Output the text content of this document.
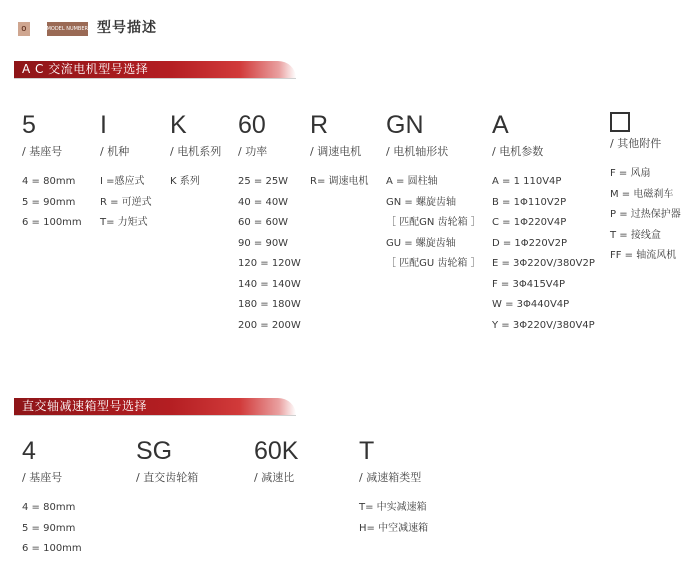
o	MODEL NUMBER 型号描述
A C 交流电机型号选择
5
/ 基座号
4 = 80mm
5 = 90mm
6 = 100mm
I
/ 机种
I =感应式
R = 可逆式
T= 力矩式
K
/ 电机系列
K 系列
60
/ 功率
25 = 25W
40 = 40W
60 = 60W
90 = 90W
120 = 120W
140 = 140W
180 = 180W
200 = 200W
R
/ 调速电机
R= 调速电机
GN
/ 电机轴形状
A = 圆柱轴
GN = 螺旋齿轴
［ 匹配GN 齿轮箱 ］
GU = 螺旋齿轴
［ 匹配GU 齿轮箱 ］
A
/ 电机参数
A = 1 110V4P
B = 1Φ110V2P
C = 1Φ220V4P
D = 1Φ220V2P
E = 3Φ220V/380V2P
F = 3Φ415V4P
W = 3Φ440V4P
Y = 3Φ220V/380V4P
/ 其他附件
F = 风扇
M = 电磁刹车
P = 过热保护器
T = 接线盒
FF = 轴流风机
直交轴减速箱型号选择
4
/ 基座号
4 = 80mm
5 = 90mm
6 = 100mm
SG
/ 直交齿轮箱
60K
/ 减速比
T
/ 减速箱类型
T= 中实减速箱
H= 中空减速箱
